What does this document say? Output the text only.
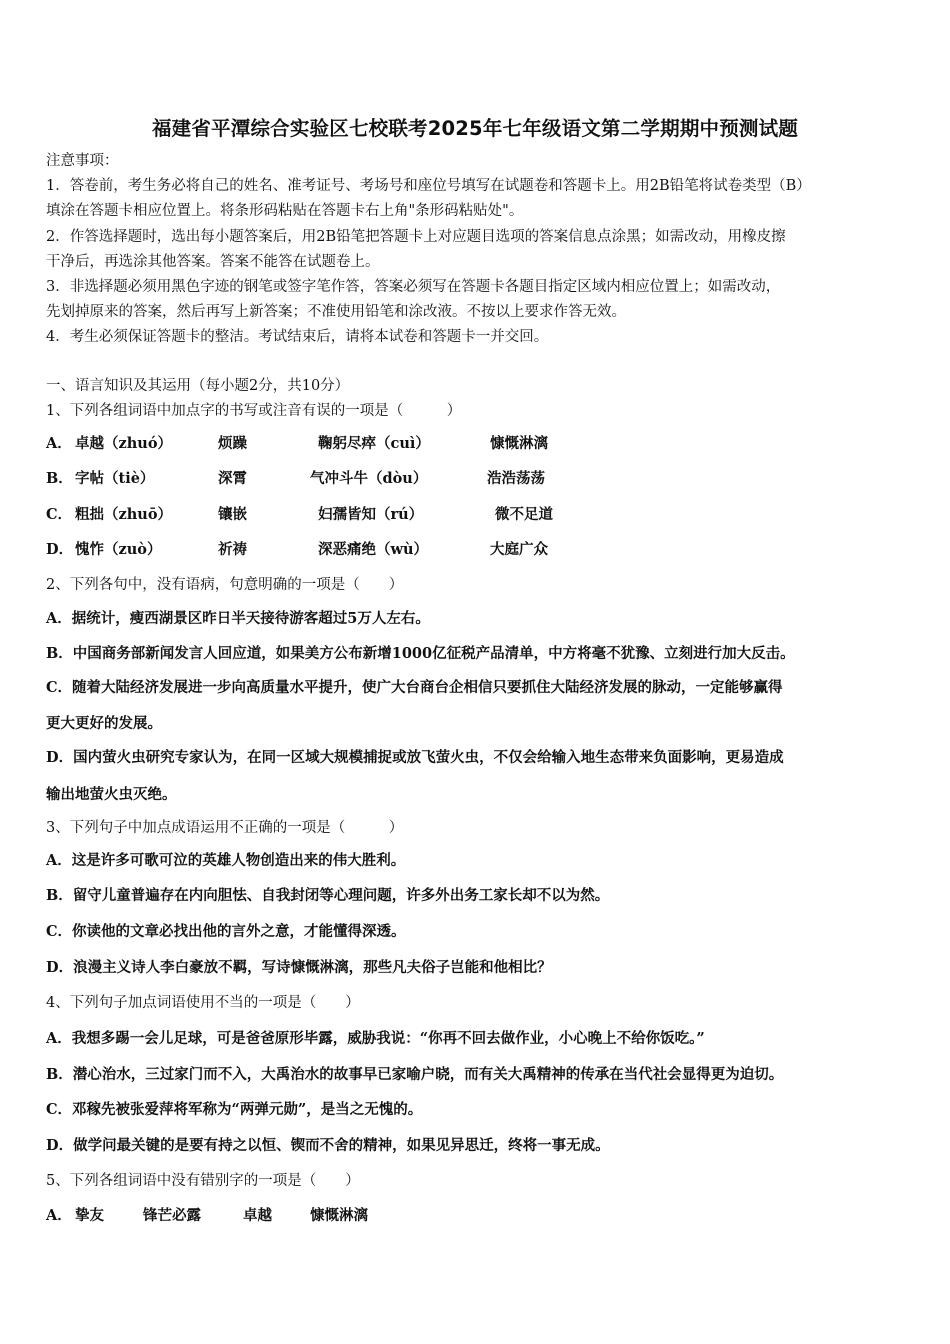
福建省平潭综合实验区七校联考2025年七年级语文第二学期期中预测试题
注意事项：
1．答卷前，考生务必将自己的姓名、准考证号、考场号和座位号填写在试题卷和答题卡上。用2B铅笔将试卷类型（B）
填涂在答题卡相应位置上。将条形码粘贴在答题卡右上角"条形码粘贴处"。
2．作答选择题时，选出每小题答案后，用2B铅笔把答题卡上对应题目选项的答案信息点涂黑；如需改动，用橡皮擦
干净后，再选涂其他答案。答案不能答在试题卷上。
3．非选择题必须用黑色字迹的钢笔或签字笔作答，答案必须写在答题卡各题目指定区域内相应位置上；如需改动，
先划掉原来的答案，然后再写上新答案；不准使用铅笔和涂改液。不按以上要求作答无效。
4．考生必须保证答题卡的整洁。考试结束后，请将本试卷和答题卡一并交回。
一、语言知识及其运用（每小题2分，共10分）
1、下列各组词语中加点字的书写或注音有误的一项是（　　　）
A． 卓越（zhuó）	烦躁	鞠躬尽瘁（cuì）	慷慨淋漓
B． 字帖（tiè）	深霄	气冲斗牛（dòu）	浩浩荡荡
C． 粗拙（zhuō）	镶嵌	妇孺皆知（rú）	微不足道
D． 愧怍（zuò）	祈祷	深恶痛绝（wù）	大庭广众
2、下列各句中，没有语病，句意明确的一项是（　　）
A．据统计，瘦西湖景区昨日半天接待游客超过5万人左右。
B．中国商务部新闻发言人回应道，如果美方公布新增1000亿征税产品清单，中方将毫不犹豫、立刻进行加大反击。
C．随着大陆经济发展进一步向高质量水平提升，使广大台商台企相信只要抓住大陆经济发展的脉动，一定能够赢得
更大更好的发展。
D．国内萤火虫研究专家认为，在同一区域大规模捕捉或放飞萤火虫，不仅会给输入地生态带来负面影响，更易造成
输出地萤火虫灭绝。
3、下列句子中加点成语运用不正确的一项是（　　　）
A．这是许多可歌可泣的英雄人物创造出来的伟大胜利。
B．留守儿童普遍存在内向胆怯、自我封闭等心理问题，许多外出务工家长却不以为然。
C．你读他的文章必找出他的言外之意，才能懂得深透。
D．浪漫主义诗人李白豪放不羁，写诗慷慨淋漓，那些凡夫俗子岂能和他相比？
4、下列句子加点词语使用不当的一项是（　　）
A．我想多踢一会儿足球，可是爸爸原形毕露，威胁我说：“你再不回去做作业，小心晚上不给你饭吃。”
B．潜心治水，三过家门而不入，大禹治水的故事早已家喻户晓，而有关大禹精神的传承在当代社会显得更为迫切。
C．邓稼先被张爱萍将军称为“两弹元勋”，是当之无愧的。
D．做学问最关键的是要有持之以恒、锲而不舍的精神，如果见异思迁，终将一事无成。
5、下列各组词语中没有错别字的一项是（　　）
A． 挚友	锋芒必露	卓越	慷慨淋漓
